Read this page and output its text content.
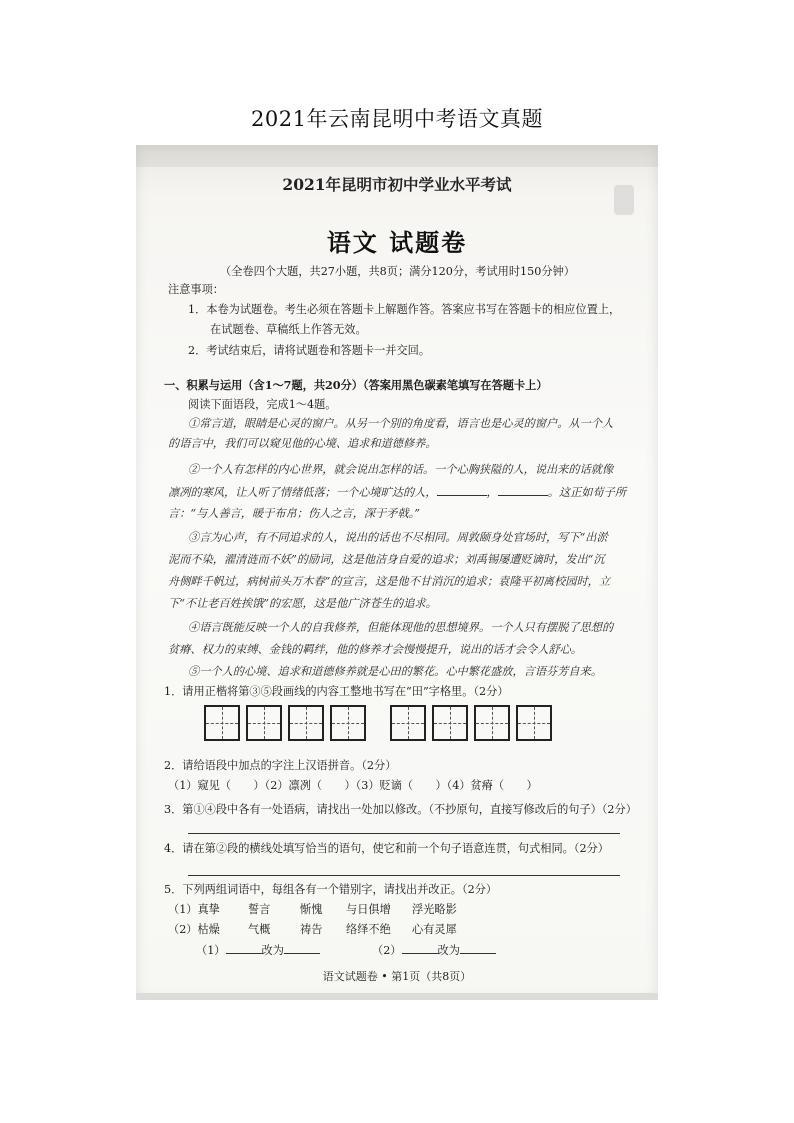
2021年云南昆明中考语文真题
2021年昆明市初中学业水平考试
语文 试题卷
（全卷四个大题，共27小题，共8页；满分120分，考试用时150分钟）
注意事项：
1．本卷为试题卷。考生必须在答题卡上解题作答。答案应书写在答题卡的相应位置上，
在试题卷、草稿纸上作答无效。
2．考试结束后，请将试题卷和答题卡一并交回。
一、积累与运用（含1～7题，共20分）（答案用黑色碳素笔填写在答题卡上）
阅读下面语段，完成1～4题。
①常言道，眼睛是心灵的窗户。从另一个别的角度看，语言也是心灵的窗户。从一个人
的语言中，我们可以窥见他的心境、追求和道德修养。
②一个人有怎样的内心世界，就会说出怎样的话。一个心胸狭隘的人，说出来的话就像
凛冽的寒风，让人听了情绪低落；一个心境旷达的人，	，	。这正如荀子所
言：“与人善言，暖于布帛；伤人之言，深于矛戟。”
③言为心声，有不同追求的人，说出的话也不尽相同。周敦颐身处官场时，写下“出淤
泥而不染，濯清涟而不妖”的励词，这是他洁身自爱的追求；刘禹锡屡遭贬谪时，发出“沉
舟侧畔千帆过，病树前头万木春”的宣言，这是他不甘消沉的追求；袁隆平初离校园时，立
下“不让老百姓挨饿”的宏愿，这是他广济苍生的追求。
④语言既能反映一个人的自我修养，但能体现他的思想境界。一个人只有摆脱了思想的
贫瘠、权力的束缚、金钱的羁绊，他的修养才会慢慢提升，说出的话才会令人舒心。
⑤一个人的心境、追求和道德修养就是心田的繁花。心中繁花盛放，言语芬芳自来。
1．请用正楷将第③⑤段画线的内容工整地书写在“田”字格里。（2分）
2．请给语段中加点的字注上汉语拼音。（2分）
（1）窥见（　　）（2）凛冽（　　）（3）贬谪（　　）（4）贫瘠（　　）
3．第①④段中各有一处语病，请找出一处加以修改。（不抄原句，直接写修改后的句子）（2分）
4．请在第②段的横线处填写恰当的语句，使它和前一个句子语意连贯，句式相同。（2分）
5．下列两组词语中，每组各有一个错别字，请找出并改正。（2分）
（1）真挚	誓言	惭愧 与日俱增 浮光略影
（2）枯燥	气概	祷告 络绎不绝 心有灵犀
（1）	改为	（2）	改为
语文试题卷 • 第1页（共8页）
